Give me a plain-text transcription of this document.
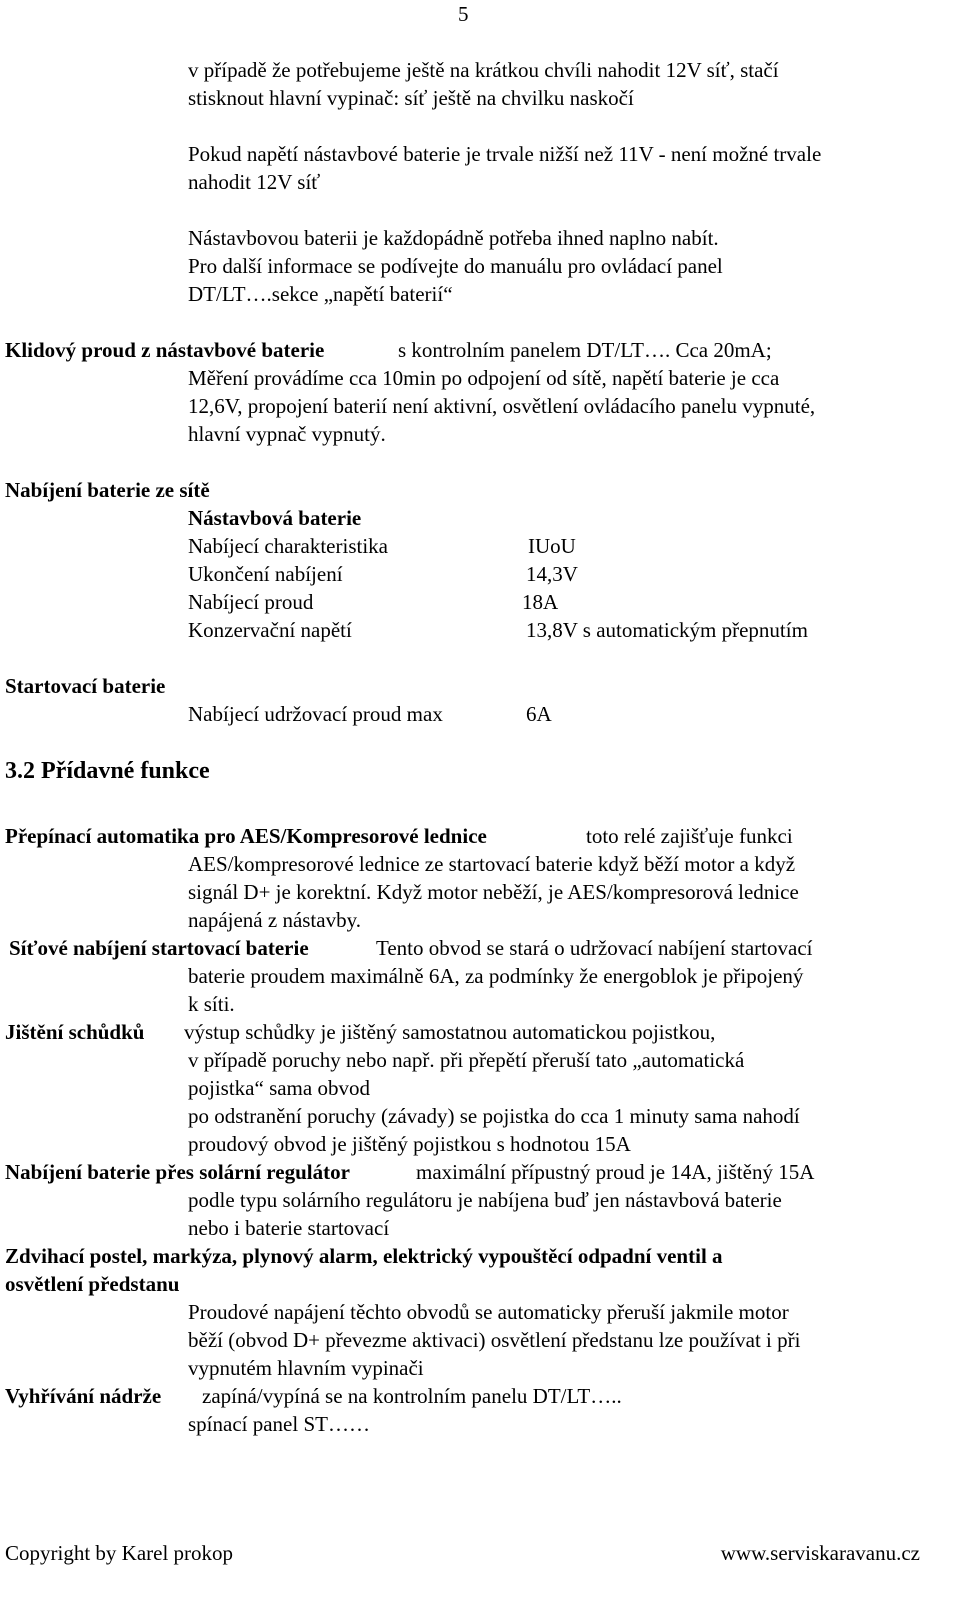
5
v případě že potřebujeme ještě na krátkou chvíli nahodit 12V síť, stačí
stisknout hlavní vypinač: síť ještě na chvilku naskočí
Pokud napětí nástavbové baterie je trvale nižší než 11V - není možné trvale
nahodit 12V síť
Nástavbovou baterii je každopádně potřeba ihned naplno nabít.
Pro další informace se podívejte do manuálu pro ovládací panel
DT/LT….sekce „napětí baterií“
Klidový proud z nástavbové baterie	s kontrolním panelem DT/LT…. Cca 20mA;
Měření provádíme cca 10min po odpojení od sítě, napětí baterie je cca
12,6V, propojení baterií není aktivní, osvětlení ovládacího panelu vypnuté,
hlavní vypnač vypnutý.
Nabíjení baterie ze sítě
Nástavbová baterie
Nabíjecí charakteristika	IUoU
Ukončení nabíjení	14,3V
Nabíjecí proud	18A
Konzervační napětí	13,8V s automatickým přepnutím
Startovací baterie
Nabíjecí udržovací proud max	6A
3.2 Přídavné funkce
Přepínací automatika pro AES/Kompresorové lednice	toto relé zajišťuje funkci
AES/kompresorové lednice ze startovací baterie když běží motor a když
signál D+ je korektní. Když motor neběží, je AES/kompresorová lednice
napájená z nástavby.
Síťové nabíjení startovací baterie	Tento obvod se stará o udržovací nabíjení startovací
baterie proudem maximálně 6A, za podmínky že energoblok je připojený
k síti.
Jištění schůdků výstup schůdky je jištěný samostatnou automatickou pojistkou,
v případě poruchy nebo např. při přepětí přeruší tato „automatická
pojistka“ sama obvod
po odstranění poruchy (závady) se pojistka do cca 1 minuty sama nahodí
proudový obvod je jištěný pojistkou s hodnotou 15A
Nabíjení baterie přes solární regulátor	maximální přípustný proud je 14A, jištěný 15A
podle typu solárního regulátoru je nabíjena buď jen nástavbová baterie
nebo i baterie startovací
Zdvihací postel, markýza, plynový alarm, elektrický vypouštěcí odpadní ventil a
osvětlení předstanu
Proudové napájení těchto obvodů se automaticky přeruší jakmile motor
běží (obvod D+ převezme aktivaci) osvětlení předstanu lze používat i při
vypnutém hlavním vypinači
Vyhřívání nádrže zapíná/vypíná se na kontrolním panelu DT/LT…..
spínací panel ST……
Copyright by Karel prokop	www.serviskaravanu.cz
